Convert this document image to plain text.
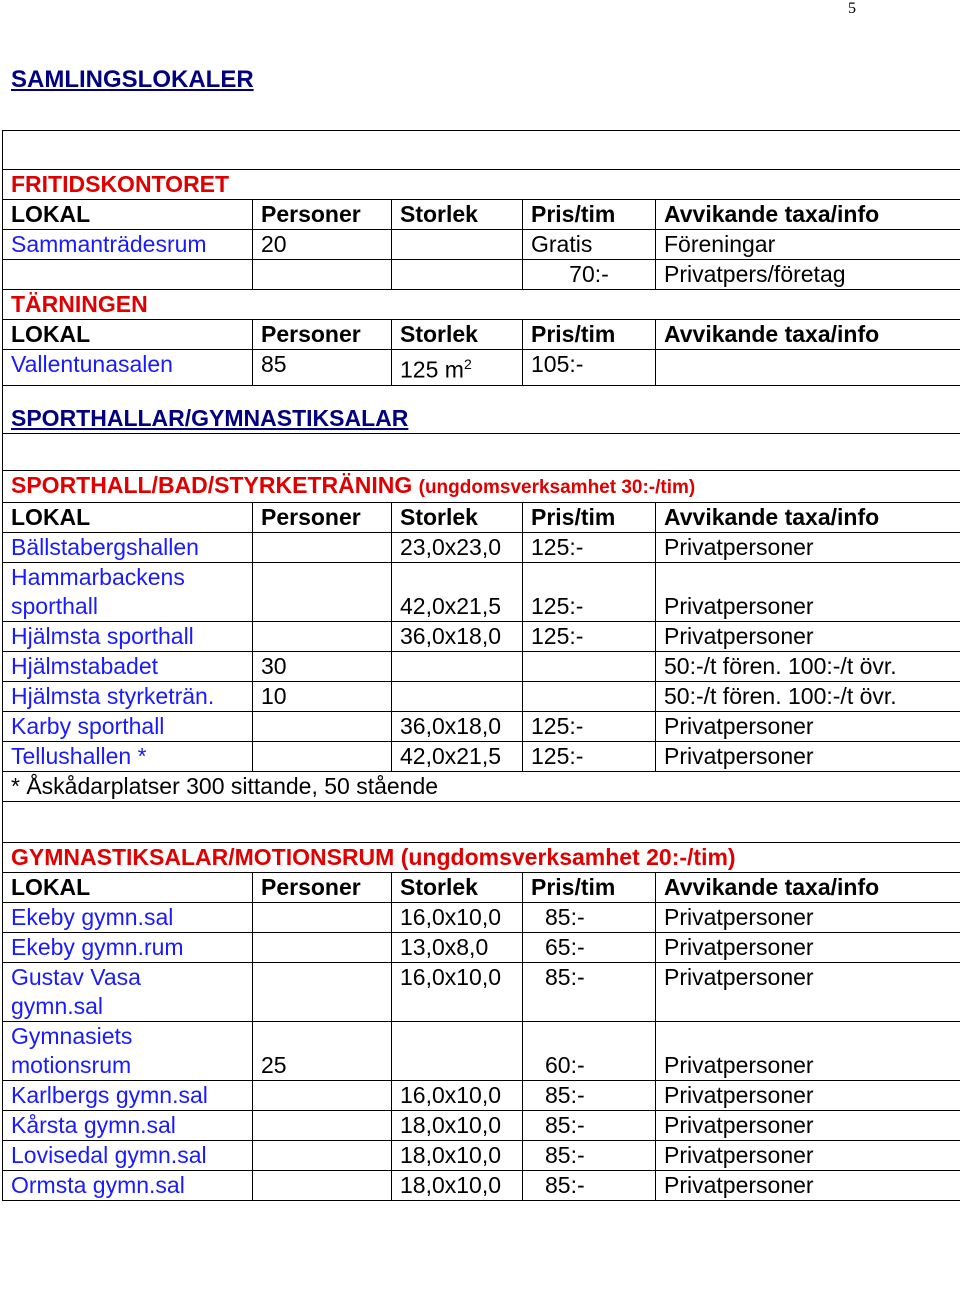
5
SAMLINGSLOKALER

FRITIDSKONTORET				
LOKAL	Personer	Storlek	Pris/tim	Avvikande taxa/info
Sammanträdesrum	20		Gratis	Föreningar
			70:-	Privatpers/företag
TÄRNINGEN				
LOKAL	Personer	Storlek	Pris/tim	Avvikande taxa/info
Vallentunasalen	85	125 $m^2$	105:-	
SPORTHALLAR/GYMNASTIKSALAR				

SPORTHALL/BAD/STYRKETRÄNING (ungdomsverksamhet 30:-/tim)				
LOKAL	Personer	Storlek	Pris/tim	Avvikande taxa/info
Bällstabergshallen		23,0x23,0	125:-	Privatpersoner
Hammarbackens
sporthall		42,0x21,5	125:-	Privatpersoner
Hjälmsta sporthall		36,0x18,0	125:-	Privatpersoner
Hjälmstabadet	30			50:-/t fören. 100:-/t övr.
Hjälmsta styrketrän.	10			50:-/t fören. 100:-/t övr.
Karby sporthall		36,0x18,0	125:-	Privatpersoner
Tellushallen *		42,0x21,5	125:-	Privatpersoner
* Åskådarplatser 300 sittande, 50 stående				

GYMNASTIKSALAR/MOTIONSRUM (ungdomsverksamhet 20:-/tim)				
LOKAL	Personer	Storlek	Pris/tim	Avvikande taxa/info
Ekeby gymn.sal		16,0x10,0	85:-	Privatpersoner
Ekeby gymn.rum		13,0x8,0	65:-	Privatpersoner
Gustav Vasa
gymn.sal		16,0x10,0	85:-	Privatpersoner
Gymnasiets
motionsrum	25		60:-	Privatpersoner
Karlbergs gymn.sal		16,0x10,0	85:-	Privatpersoner
Kårsta gymn.sal		18,0x10,0	85:-	Privatpersoner
Lovisedal gymn.sal		18,0x10,0	85:-	Privatpersoner
Ormsta gymn.sal		18,0x10,0	85:-	Privatpersoner
